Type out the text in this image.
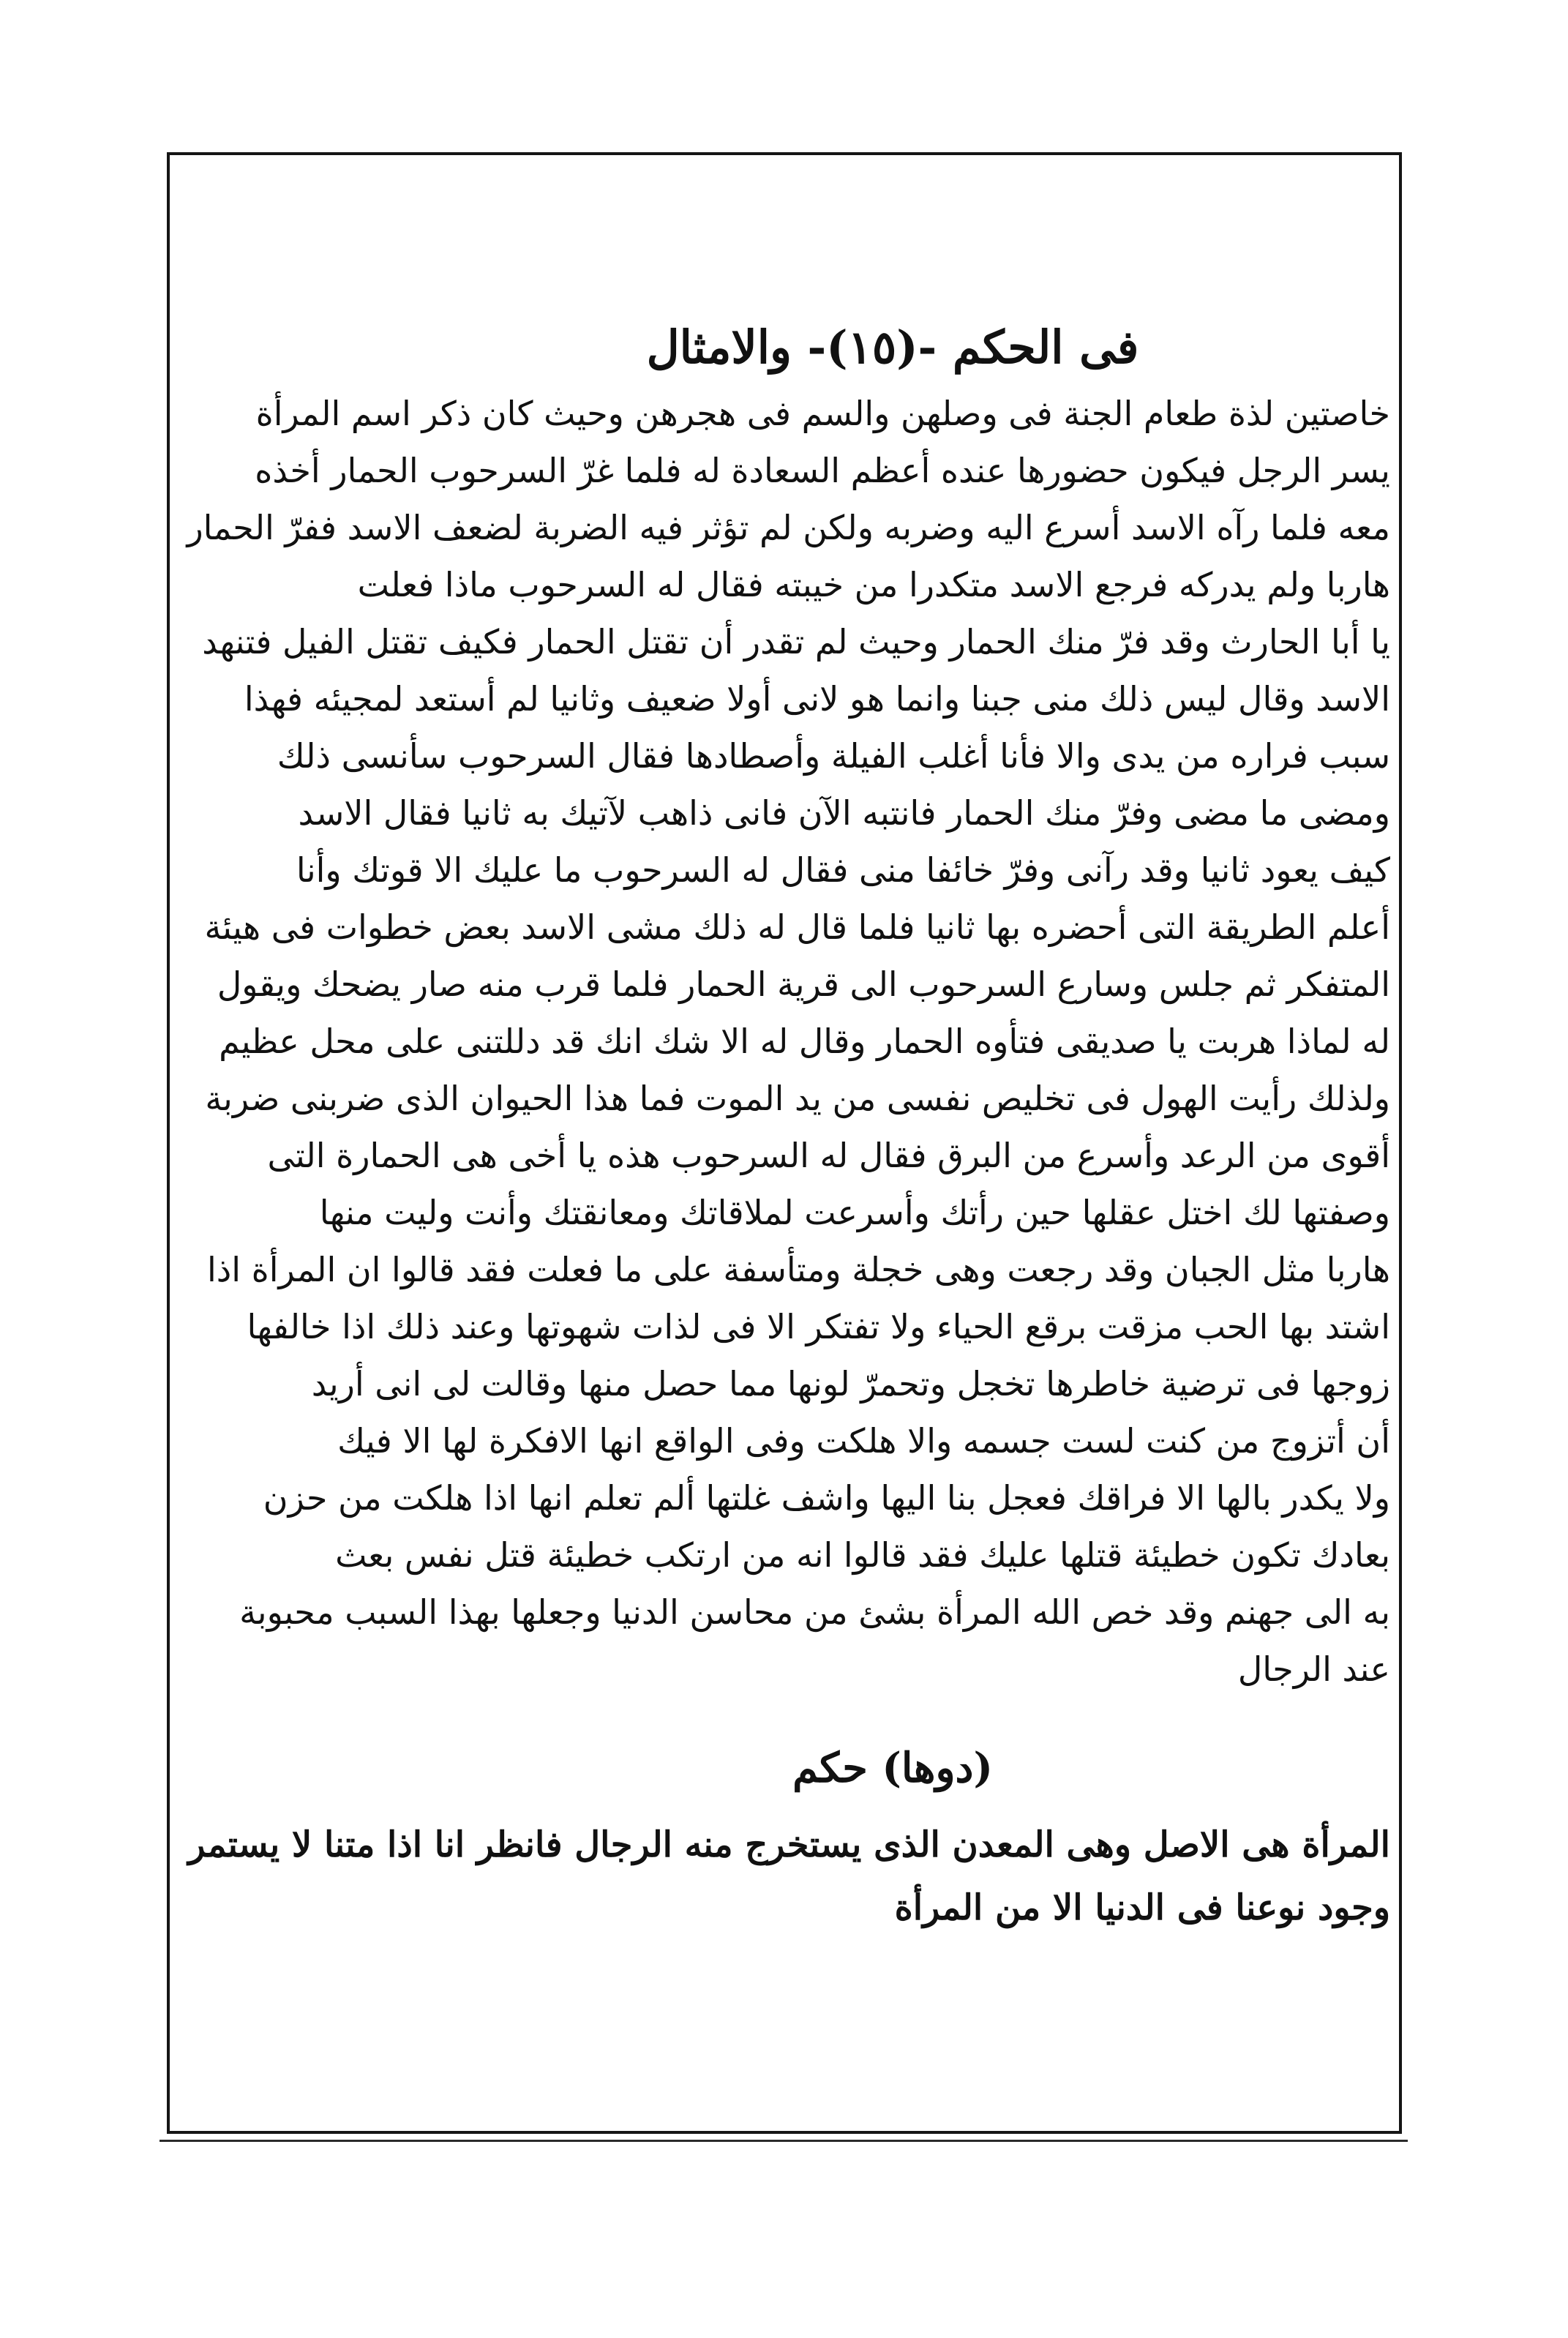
فى الحكم -(١٥)- والامثال
خاصتين لذة طعام الجنة فى وصلهن والسم فى هجرهن وحيث كان ذكر اسم المرأة
يسر الرجل فيكون حضورها عنده أعظم السعادة له فلما غرّ السرحوب الحمار أخذه
معه فلما رآه الاسد أسرع اليه وضربه ولكن لم تؤثر فيه الضربة لضعف الاسد ففرّ الحمار
هاربا ولم يدركه فرجع الاسد متكدرا من خيبته فقال له السرحوب ماذا فعلت
يا أبا الحارث وقد فرّ منك الحمار وحيث لم تقدر أن تقتل الحمار فكيف تقتل الفيل فتنهد
الاسد وقال ليس ذلك منى جبنا وانما هو لانى أولا ضعيف وثانيا لم أستعد لمجيئه فهذا
سبب فراره من يدى والا فأنا أغلب الفيلة وأصطادها فقال السرحوب سأنسى ذلك
ومضى ما مضى وفرّ منك الحمار فانتبه الآن فانى ذاهب لآتيك به ثانيا فقال الاسد
كيف يعود ثانيا وقد رآنى وفرّ خائفا منى فقال له السرحوب ما عليك الا قوتك وأنا
أعلم الطريقة التى أحضره بها ثانيا فلما قال له ذلك مشى الاسد بعض خطوات فى هيئة
المتفكر ثم جلس وسارع السرحوب الى قرية الحمار فلما قرب منه صار يضحك ويقول
له لماذا هربت يا صديقى فتأوه الحمار وقال له الا شك انك قد دللتنى على محل عظيم
ولذلك رأيت الهول فى تخليص نفسى من يد الموت فما هذا الحيوان الذى ضربنى ضربة
أقوى من الرعد وأسرع من البرق فقال له السرحوب هذه يا أخى هى الحمارة التى
وصفتها لك اختل عقلها حين رأتك وأسرعت لملاقاتك ومعانقتك وأنت وليت منها
هاربا مثل الجبان وقد رجعت وهى خجلة ومتأسفة على ما فعلت فقد قالوا ان المرأة اذا
اشتد بها الحب مزقت برقع الحياء ولا تفتكر الا فى لذات شهوتها وعند ذلك اذا خالفها
زوجها فى ترضية خاطرها تخجل وتحمرّ لونها مما حصل منها وقالت لى انى أريد
أن أتزوج من كنت لست جسمه والا هلكت وفى الواقع انها الافكرة لها الا فيك
ولا يكدر بالها الا فراقك فعجل بنا اليها واشف غلتها ألم تعلم انها اذا هلكت من حزن
بعادك تكون خطيئة قتلها عليك فقد قالوا انه من ارتكب خطيئة قتل نفس بعث
به الى جهنم وقد خص الله المرأة بشئ من محاسن الدنيا وجعلها بهذا السبب محبوبة
عند الرجال
(دوها) حكم
المرأة هى الاصل وهى المعدن الذى يستخرج منه الرجال فانظر انا اذا متنا لا يستمر
وجود نوعنا فى الدنيا الا من المرأة
